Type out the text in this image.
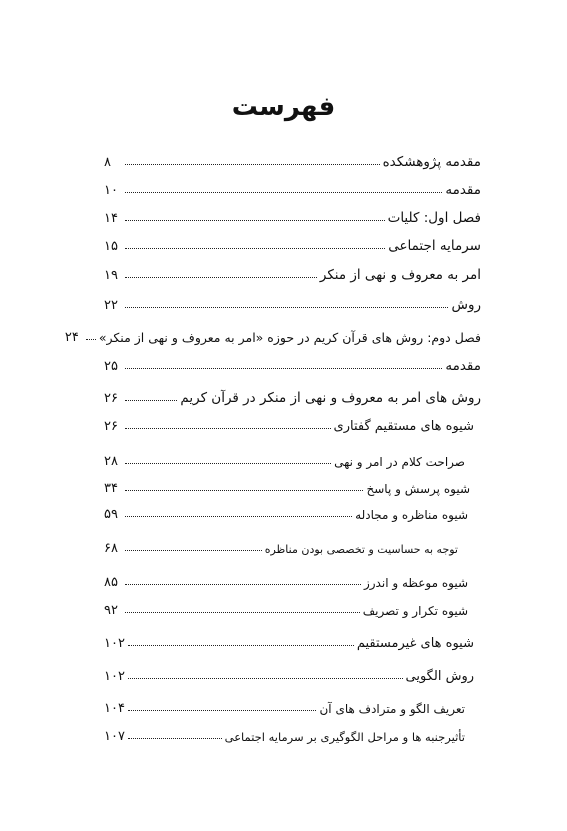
فهرست
مقدمه پژوهشکده
۸
مقدمه
۱۰
فصل اول: کلیات
۱۴
سرمایه اجتماعی
۱۵
امر به معروف و نهی از منکر
۱۹
روش
۲۲
فصل دوم: روش های قرآن کریم در حوزه «امر به معروف و نهی از منکر»
۲۴
مقدمه
۲۵
روش های امر به معروف و نهی از منکر در قرآن کریم
۲۶
شیوه های مستقیم گفتاری
۲۶
صراحت کلام در امر و نهی
۲۸
شیوه پرسش و پاسخ
۳۴
شیوه مناظره و مجادله
۵۹
توجه به حساسیت و تخصصی بودن مناظره
۶۸
شیوه موعظه و اندرز
۸۵
شیوه تکرار و تصریف
۹۲
شیوه های غیرمستقیم
۱۰۲
روش الگویی
۱۰۲
تعریف الگو و مترادف های آن
۱۰۴
تأثیرجنبه ها و مراحل الگوگیری بر سرمایه اجتماعی
۱۰۷
